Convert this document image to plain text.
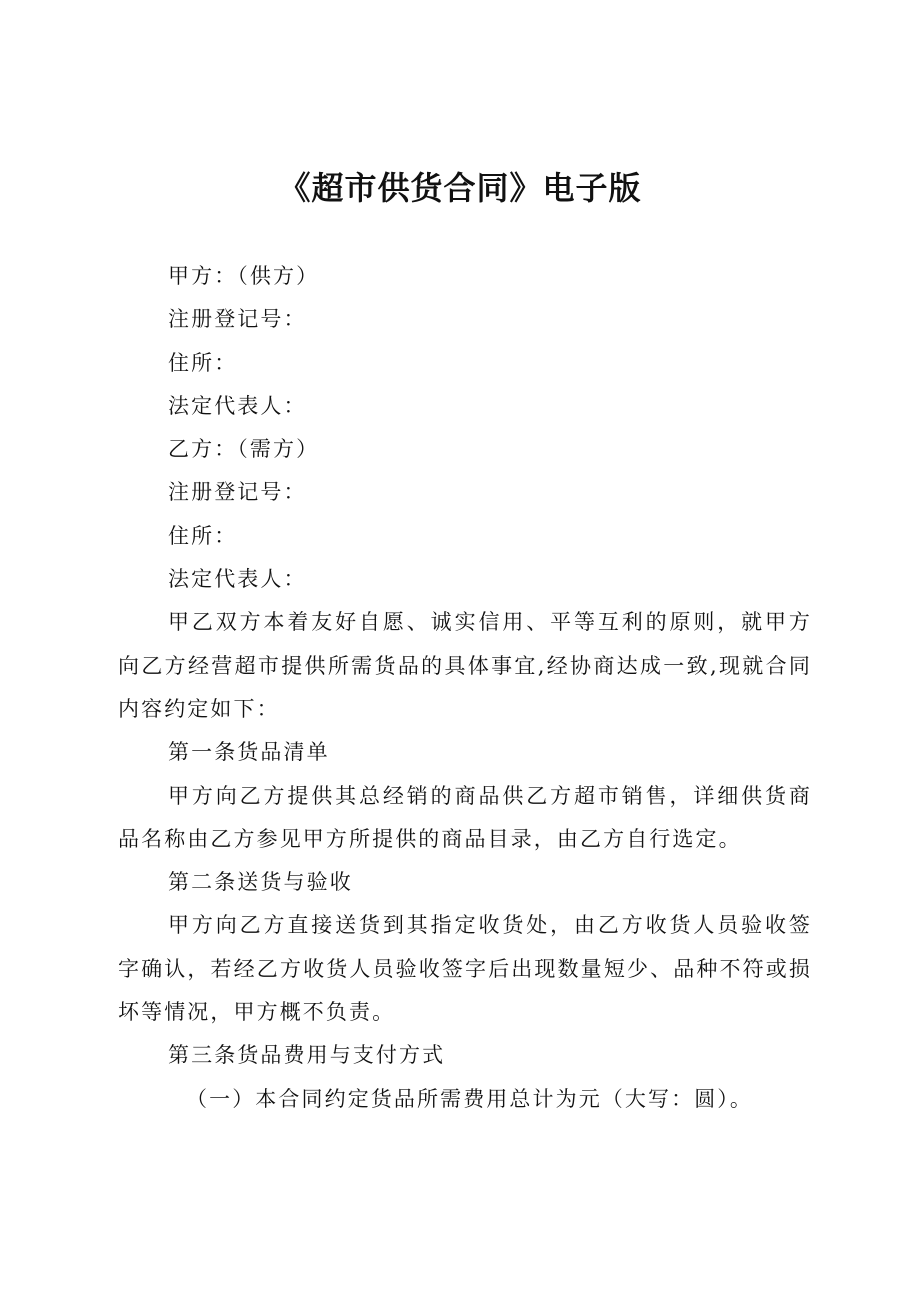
《超市供货合同》电子版

甲方：（供方）

注册登记号：

住所：

法定代表人：

乙方：（需方）

注册登记号：

住所：

法定代表人：

甲乙双方本着友好自愿、诚实信用、平等互利的原则，就甲方向乙方经营超市提供所需货品的具体事宜,经协商达成一致,现就合同内容约定如下：

第一条货品清单

甲方向乙方提供其总经销的商品供乙方超市销售，详细供货商品名称由乙方参见甲方所提供的商品目录，由乙方自行选定。

第二条送货与验收

甲方向乙方直接送货到其指定收货处，由乙方收货人员验收签字确认，若经乙方收货人员验收签字后出现数量短少、品种不符或损坏等情况，甲方概不负责。

第三条货品费用与支付方式

（一）本合同约定货品所需费用总计为元（大写：圆）。
